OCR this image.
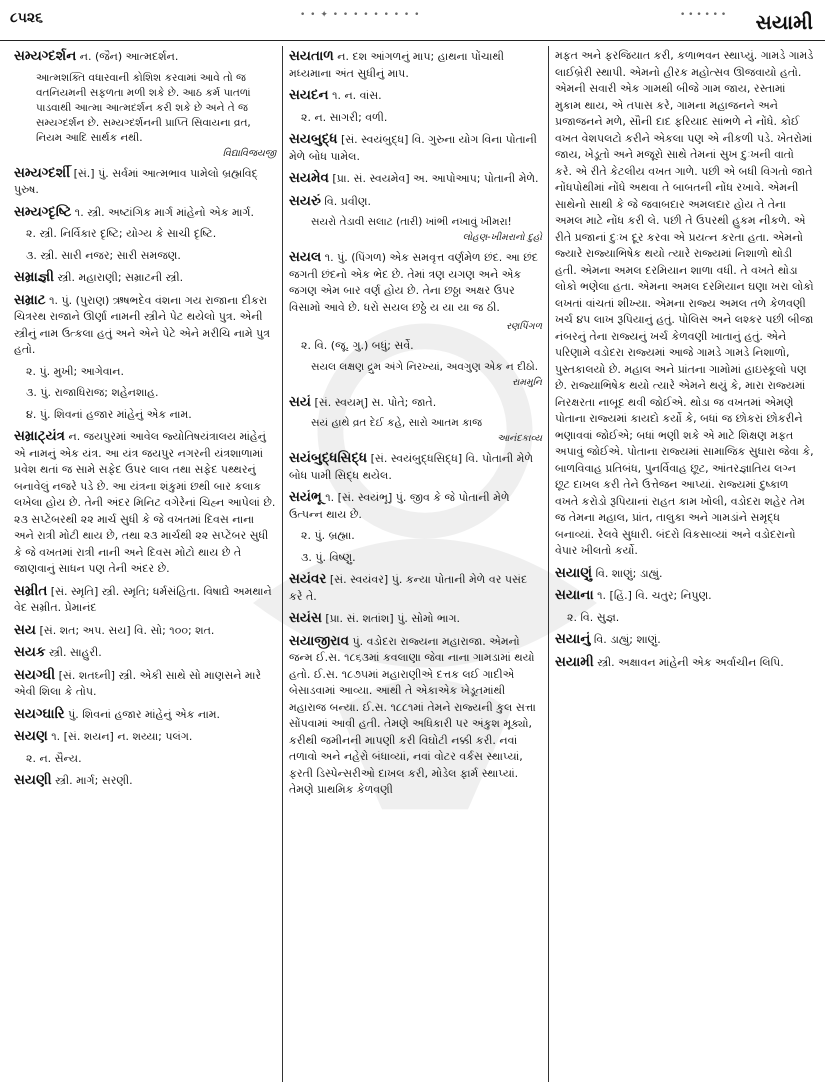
૮૫૨૬	• • ✦ • • • • • • • • •	• • • • • • સયામી
સમ્યગ્દર્શન ન. (જૈન) આત્મદર્શન.
આત્મશક્તિ વધારવાની કોશિશ કરવામાં આવે તો જ વતનિયમની સફળતા મળી શકે છે. આઠ કર્મ પાતળાં પાડવાથી આત્મા આત્મદર્શન કરી શકે છે અને તે જ સમ્યગ્દર્શન છે. સમ્યગ્દર્શનની પ્રાપ્તિ સિવાયના વ્રત, નિયમ આદિ સાર્થક નથી.
વિદ્યાવિજયજી
સમ્યગ્દર્શી [સં.] પું. સર્વમાં આત્મભાવ પામેલો બ્રહ્મવિદ્ પુરુષ.
સમ્યગ્દૃષ્ટિ ૧. સ્ત્રી. અષ્ટાંગિક માર્ગ માંહેનો એક માર્ગ.
૨. સ્ત્રી. નિર્વિકાર દૃષ્ટિ; યોગ્ય કે સાચી દૃષ્ટિ.
૩. સ્ત્રી. સારી નજર; સારી સમજણ.
સમ્રાજ્ઞી સ્ત્રી. મહારાણી; સમ્રાટની સ્ત્રી.
સમ્રાટ ૧. પું. (પુરાણ) ઋષભદેવ વંશના ગય રાજાના દીકરા ચિત્રરથ રાજાને ઊર્ણા નામની સ્ત્રીને પેટ થયેલો પુત્ર. એની સ્ત્રીનું નામ ઉત્કલા હતું અને એને પેટે એને મરીચિ નામે પુત્ર હતો.
૨. પું. મુખી; આગેવાન.
૩. પું. રાજાધિરાજ; શહેનશાહ.
૪. પું. શિવનાં હજાર માંહેનું એક નામ.
સમ્રાટ્યંત્ર ન. જયપુરમાં આવેલ જ્યોતિષયંત્રાલય માંહેનું એ નામનું એક યંત્ર. આ યંત્ર જયપુર નગરની યંત્રશાળામાં પ્રવેશ થતાં જ સામે સફેદ ઉપર લાલ તથા સફેદ પથ્થરનું બનાવેલું નજરે પડે છે. આ યંત્રના શંકુમાં છથી બાર કલાક લખેલા હોય છે. તેની અંદર મિનિટ વગેરેનાં ચિહ્ન આપેલાં છે. ૨૩ સપ્ટેંબરથી ૨૨ માર્ચ સુધી કે જે વખતમાં દિવસ નાના અને રાત્રી મોટી થાય છે, તથા ૨૩ માર્ચથી ૨૨ સપ્ટેંબર સુધી કે જે વખતમાં રાત્રી નાની અને દિવસ મોટો થાય છે તે જાણવાનું સાધન પણ તેની અંદર છે.
સમ્રીત [સં. સ્મૃતિ] સ્ત્રી. સ્મૃતિ; ધર્મસંહિતા. વિષાદ્યે અમથાને વેદ સમ્રીત. પ્રેમાનંદ
સય [સં. શત; અપ. સય] વિ. સો; ૧૦૦; શત.
સયક સ્ત્રી. સાહુરી.
સયગ્ઘી [સં. શતઘ્ની] સ્ત્રી. એકી સાથે સો માણસને મારે એવી શિલા કે તોપ.
સયગ્ઘારિ પું. શિવનાં હજાર માંહેનું એક નામ.
સયણ ૧. [સં. શયન] ન. શય્યા; પલંગ.
૨. ન. સૈન્ય.
સયણી સ્ત્રી. માર્ગ; સરણી.
સયતાળ ન. દશ આંગળનું માપ; હાથના પોંચાથી મધ્યમાના અંત સુધીનું માપ.
સયદન ૧. ન. વાંસ.
૨. ન. સાગરી; વળી.
સયબુદ્ધ [સં. સ્વયંબુદ્ધ] વિ. ગુરુના યોગ વિના પોતાની મેળે બોધ પામેલ.
સયમેવ [પ્રા. સં. સ્વયમેવ] અ. આપોઆપ; પોતાની મેળે.
સયરું વિ. પ્રવીણ.
સયરો તેડાવી સલાટ (તારી) ખાંભી નખાવું ખીમરા!
લોહણ-ખીમરાનો દુહો
સયલ ૧. પું. (પિંગળ) એક સમવૃત્ત વર્ણમેળ છંદ. આ છંદ જગતી છંદનો એક ભેદ છે. તેમાં ત્રણ યગણ અને એક જગણ એમ બાર વર્ણ હોય છે. તેના છઠ્ઠા અક્ષર ઉપર વિસામો આવે છે. ધરો સયલ છઠ્ઠે ય યા યા જ ઠી.
રણપિંગળ
૨. વિ. (જૂ. ગુ.) બધું; સર્વે.
સયલ લક્ષણ દ્રુમ અંગે નિરખ્યાં, અવગુણ એક ન દીઠો.
રામમુનિ
સયં [સં. સ્વયમ્] સ. પોતે; જાતે.
સયં હાથે વ્રત દેઈ કહે, સારો આતમ કાજ
આનંદકાવ્ય
સયંબુદ્ધસિદ્ધ [સં. સ્વયંબુદ્ધસિદ્ધ] વિ. પોતાની મેળે બોધ પામી સિદ્ધ થયેલ.
સયંભૂ ૧. [સં. સ્વયંભૂ] પું. જીવ કે જે પોતાની મેળે ઉત્પન્ન થાય છે.
૨. પું. બ્રહ્મા.
૩. પું. વિષ્ણુ.
સયંવર [સં. સ્વયંવર] પું. કન્યા પોતાની મેળે વર પસંદ કરે તે.
સયંસ [પ્રા. સં. શતાંશ] પું. સોમો ભાગ.
સયાજીરાવ પું. વડોદરા રાજ્યના મહારાજા. એમનો જન્મ ઈ.સ. ૧૮૬૩માં કવલાણા જેવા નાના ગામડામાં થયો હતો. ઈ.સ. ૧૮૭૫માં મહારાણીએ દત્તક લઈ ગાદીએ બેસાડવામાં આવ્યા. આથી તે એકાએક ખેડૂતમાંથી મહારાજ બન્યા. ઈ.સ. ૧૮૮૧માં તેમને રાજ્યની કુલ સત્તા સોંપવામાં આવી હતી. તેમણે અધિકારી પર અંકુશ મૂક્યો, કરીથી જમીનની માપણી કરી વિઘોટી નક્કી કરી. નવાં તળાવો અને નહેરો બંધાવ્યાં, નવાં વોટર વર્કસ સ્થાપ્યાં, ફરતી ડિસ્પેન્સરીઓ દાખલ કરી, મોડેલ ફાર્મ સ્થાપ્યાં. તેમણે પ્રાથમિક કેળવણી
મફત અને ફરજિયાત કરી, કળાભવન સ્થાપ્યું. ગામડે ગામડે લાઈબ્રેરી સ્થાપી. એમનો હીરક મહોત્સવ ઊજવાયો હતો. એમની સવારી એક ગામથી બીજે ગામ જાય, રસ્તામાં મુકામ થાય, એ તપાસ કરે, ગામના મહાજનને અને પ્રજાજનને મળે, સૌની દાદ ફરિયાદ સાંભળે ને નોંધે. કોઈ વખત વેશપલટો કરીને એકલા પણ એ નીકળી પડે. ખેતરોમાં જાય, ખેડૂતો અને મજૂરો સાથે તેમનાં સુખ દુઃખની વાતો કરે. એ રીતે કેટલીય વખત ગાળે. પછી એ બધી વિગતો જાતે નોંધપોથીમાં નોંધે અથવા તે બાબતની નોંધ રખાવે. એમની સાથેનો સાથી કે જે જવાબદાર અમલદાર હોય તે તેના અમલ માટે નોંધ કરી લે. પછી તે ઉપરથી હુકમ નીકળે. એ રીતે પ્રજાનાં દુઃખ દૂર કરવા એ પ્રયત્ન કરતા હતા. એમનો જ્યારે રાજ્યાભિષેક થયો ત્યારે રાજ્યમાં નિશાળો થોડી હતી. એમના અમલ દરમિયાન શાળા વધી. તે વખતે થોડા લોકો ભણેલા હતા. એમના અમલ દરમિયાન ઘણા ખરા લોકો લખતાં વાંચતાં શીખ્યા. એમના રાજ્ય અમલ તળે કેળવણી ખર્ચ ૪૫ લાખ રૂપિયાનું હતું. પોલિસ અને લશ્કર પછી બીજા નંબરનું તેના રાજ્યનું ખર્ચ કેળવણી ખાતાનું હતું. એને પરિણામે વડોદરા રાજ્યમાં આજે ગામડે ગામડે નિશાળો, પુસ્તકાલયો છે. મહાલ અને પ્રાંતના ગામોમાં હાઇસ્કૂલો પણ છે. રાજ્યાભિષેક થયો ત્યારે એમને થયું કે, મારા રાજ્યમાં નિરક્ષરતા નાબૂદ થવી જોઈએ. થોડા જ વખતમાં એમણે પોતાના રાજ્યમાં કાયદો કર્યો કે, બધાં જ છોકરાં છોકરીને ભણાવવાં જોઈએ; બધાં ભણી શકે એ માટે શિક્ષણ મફત અપાવું જોઈએ. પોતાના રાજ્યમાં સામાજિક સુધારા જેવા કે, બાળવિવાહ પ્રતિબંધ, પુનર્વિવાહ છૂટ, આંતરજ્ઞાતિય લગ્ન છૂટ દાખલ કરી તેને ઉત્તેજન આપ્યાં. રાજ્યમાં દુષ્કાળ વખતે કરોડો રૂપિયાનાં રાહત કામ ખોલી, વડોદરા શહેર તેમ જ તેમના મહાલ, પ્રાંત, તાલુકા અને ગામડાંને સમૃદ્ધ બનાવ્યાં. રેલવે સુધારી. બંદરો વિકસાવ્યાં અને વડોદરાનો વેપાર ખીલતો કર્યો.
સયાણું વિ. શાણું; ડાહ્યું.
સયાના ૧. [હિં.] વિ. ચતુર; નિપુણ.
૨. વિ. સુજ્ઞ.
સયાનું વિ. ડાહ્યું; શાણું.
સયામી સ્ત્રી. અક્ષાવન માંહેની એક અર્વાચીન લિપિ.
